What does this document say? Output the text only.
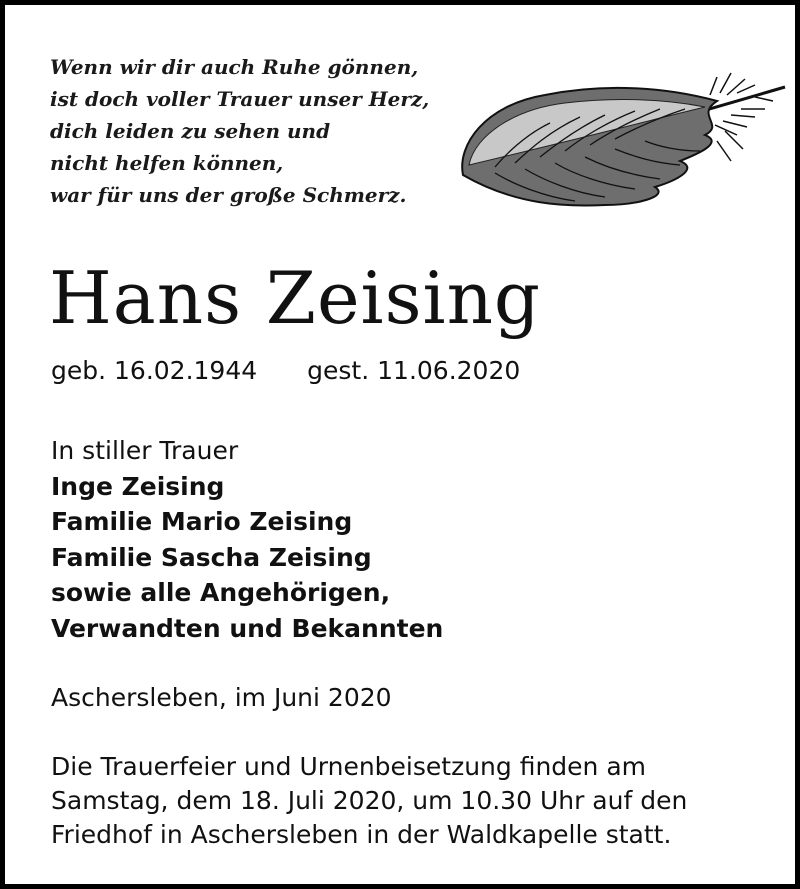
Wenn wir dir auch Ruhe gönnen,
ist doch voller Trauer unser Herz,
dich leiden zu sehen und
nicht helfen können,
war für uns der große Schmerz.
Hans Zeising
geb. 16.02.1944 gest. 11.06.2020
In stiller Trauer
Inge Zeising
Familie Mario Zeising
Familie Sascha Zeising
sowie alle Angehörigen,
Verwandten und Bekannten
Aschersleben, im Juni 2020
Die Trauerfeier und Urnenbeisetzung finden am
Samstag, dem 18. Juli 2020, um 10.30 Uhr auf den
Friedhof in Aschersleben in der Waldkapelle statt.
